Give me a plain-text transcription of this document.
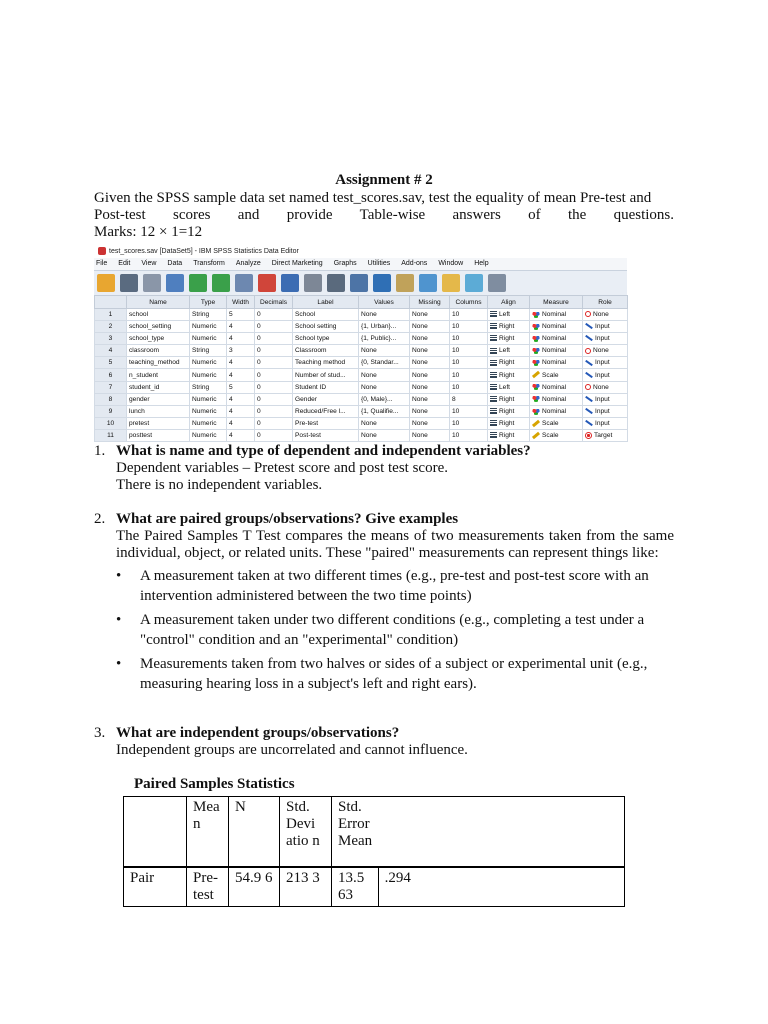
Assignment # 2
Given the SPSS sample data set named test_scores.sav, test the equality of mean Pre-test and
Post-test scores and provide Table-wise answers of the questions.
Marks: 12 × 1=12
test_scores.sav [DataSet5] - IBM SPSS Statistics Data Editor
File Edit View Data Transform Analyze Direct Marketing Graphs Utilities Add-ons Window Help
	Name	Type	Width	Decimals	Label	Values	Missing	Columns	Align	Measure	Role
1	school	String	5	0	School	None	None	10	Left	Nominal	None
2	school_setting	Numeric	4	0	School setting	{1, Urban}...	None	10	Right	Nominal	Input
3	school_type	Numeric	4	0	School type	{1, Public}...	None	10	Right	Nominal	Input
4	classroom	String	3	0	Classroom	None	None	10	Left	Nominal	None
5	teaching_method	Numeric	4	0	Teaching method	{0, Standar...	None	10	Right	Nominal	Input
6	n_student	Numeric	4	0	Number of stud...	None	None	10	Right	Scale	Input
7	student_id	String	5	0	Student ID	None	None	10	Left	Nominal	None
8	gender	Numeric	4	0	Gender	{0, Male}...	None	8	Right	Nominal	Input
9	lunch	Numeric	4	0	Reduced/Free l...	{1, Qualifie...	None	10	Right	Nominal	Input
10	pretest	Numeric	4	0	Pre-test	None	None	10	Right	Scale	Input
11	posttest	Numeric	4	0	Post-test	None	None	10	Right	Scale	Target
1. What is name and type of dependent and independent variables?
Dependent variables – Pretest score and post test score.
There is no independent variables.
2. What are paired groups/observations? Give examples
The Paired Samples T Test compares the means of two measurements taken from the same individual, object, or related units. These "paired" measurements can represent things like:
• A measurement taken at two different times (e.g., pre-test and post-test score with an intervention administered between the two time points)
• A measurement taken under two different conditions (e.g., completing a test under a "control" condition and an "experimental" condition)
• Measurements taken from two halves or sides of a subject or experimental unit (e.g., measuring hearing loss in a subject's left and right ears).
3. What are independent groups/observations?
Independent groups are uncorrelated and cannot influence.
Paired Samples Statistics
	Mea n	N	Std. Devi atio n	Std. Error Mean	
Pair	Pre- test	54.9 6	213 3	13.5 63	.294
